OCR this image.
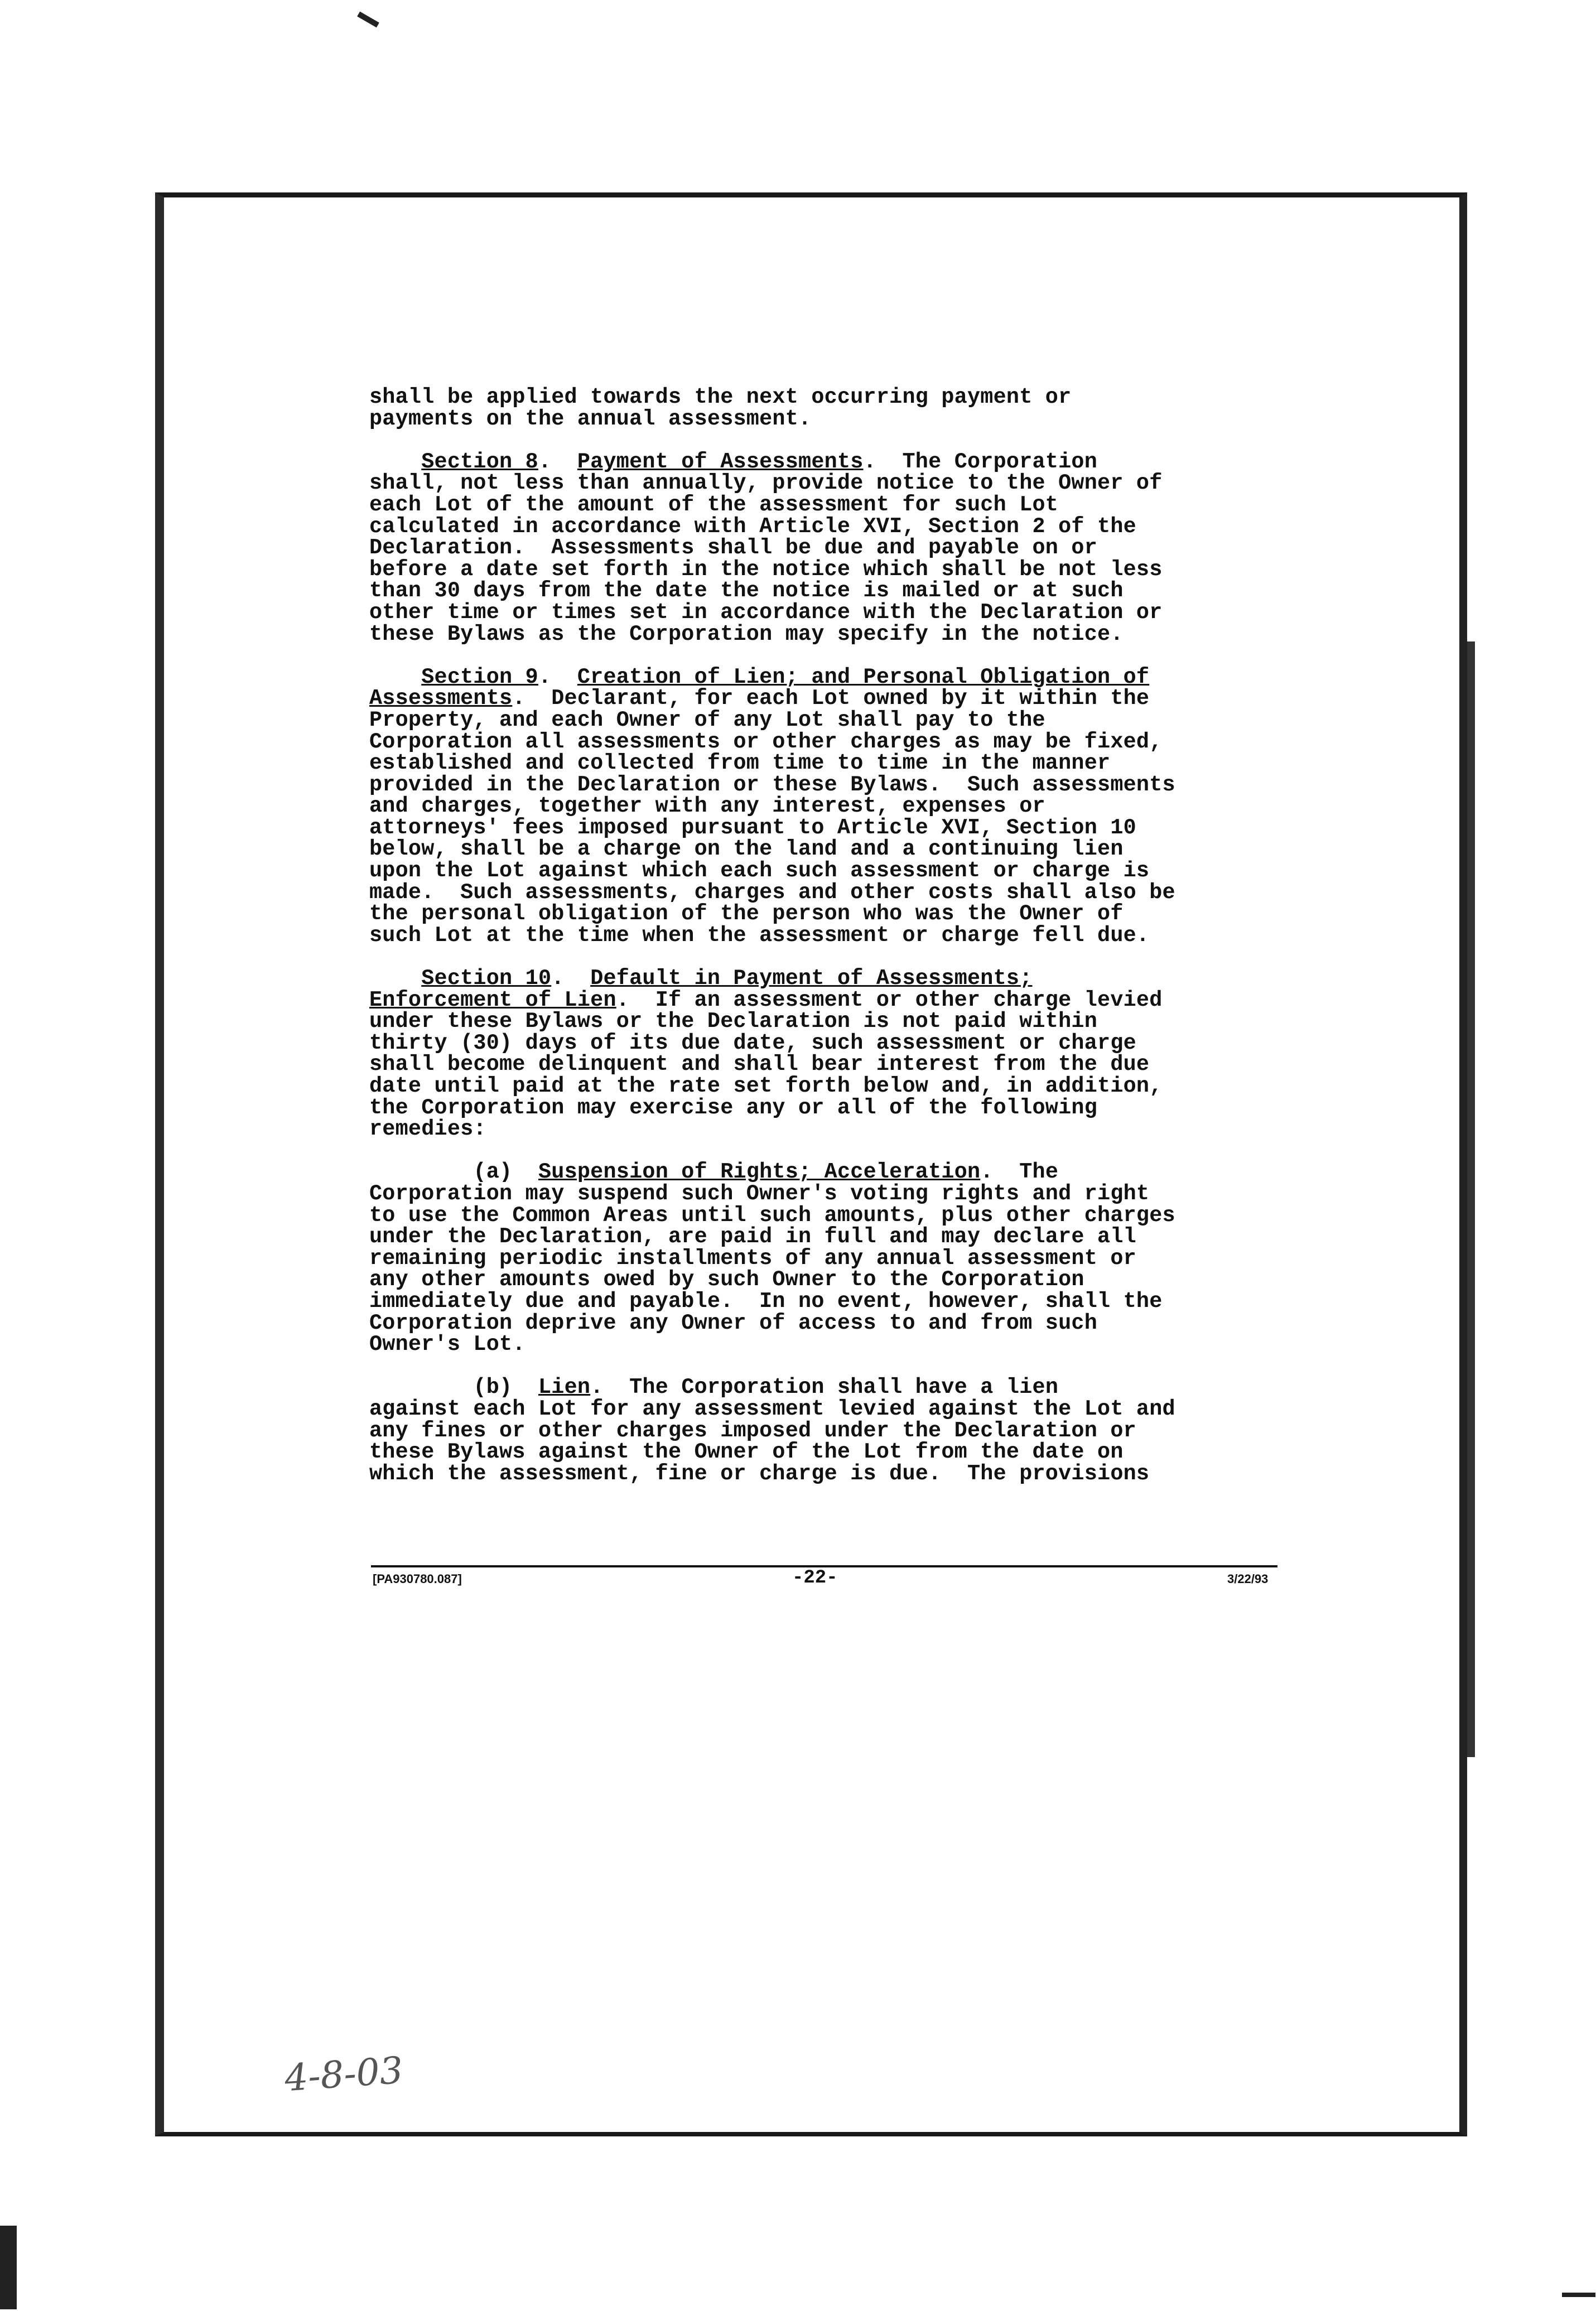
shall be applied towards the next occurring payment or
payments on the annual assessment.

Section 8.  Payment of Assessments.  The Corporation
shall, not less than annually, provide notice to the Owner of
each Lot of the amount of the assessment for such Lot
calculated in accordance with Article XVI, Section 2 of the
Declaration.  Assessments shall be due and payable on or
before a date set forth in the notice which shall be not less
than 30 days from the date the notice is mailed or at such
other time or times set in accordance with the Declaration or
these Bylaws as the Corporation may specify in the notice.

Section 9.  Creation of Lien; and Personal Obligation of
Assessments.  Declarant, for each Lot owned by it within the
Property, and each Owner of any Lot shall pay to the
Corporation all assessments or other charges as may be fixed,
established and collected from time to time in the manner
provided in the Declaration or these Bylaws.  Such assessments
and charges, together with any interest, expenses or
attorneys' fees imposed pursuant to Article XVI, Section 10
below, shall be a charge on the land and a continuing lien
upon the Lot against which each such assessment or charge is
made.  Such assessments, charges and other costs shall also be
the personal obligation of the person who was the Owner of
such Lot at the time when the assessment or charge fell due.

Section 10.  Default in Payment of Assessments;
Enforcement of Lien.  If an assessment or other charge levied
under these Bylaws or the Declaration is not paid within
thirty (30) days of its due date, such assessment or charge
shall become delinquent and shall bear interest from the due
date until paid at the rate set forth below and, in addition,
the Corporation may exercise any or all of the following
remedies:

(a) Suspension of Rights; Acceleration.  The
Corporation may suspend such Owner's voting rights and right
to use the Common Areas until such amounts, plus other charges
under the Declaration, are paid in full and may declare all
remaining periodic installments of any annual assessment or
any other amounts owed by such Owner to the Corporation
immediately due and payable.  In no event, however, shall the
Corporation deprive any Owner of access to and from such
Owner's Lot.

(b) Lien.  The Corporation shall have a lien
against each Lot for any assessment levied against the Lot and
any fines or other charges imposed under the Declaration or
these Bylaws against the Owner of the Lot from the date on
which the assessment, fine or charge is due.  The provisions

[PA930780.087]	-22-	3/22/93
4-8-03
